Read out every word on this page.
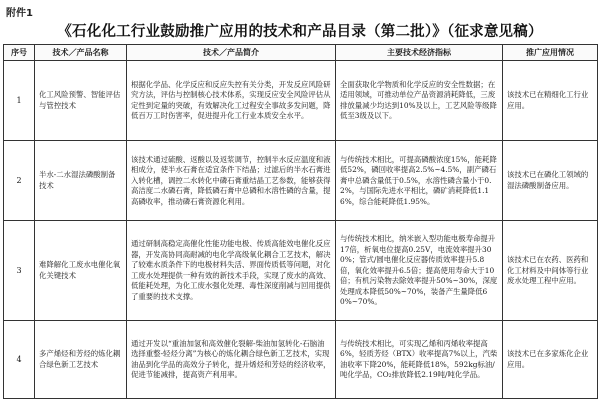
附件1
《石化化工行业鼓励推广应用的技术和产品目录（第二批）》（征求意见稿）
序号	技术／产品名称	技术／产品简介	主要技术经济指标	推广应用情况
1	化工风险预警、智能评估与管控技术	根据化学品、化学反应和反应失控有关分类，开发反应风险研究方法，评估与控制核心技术体系，实现反应安全风险评估从定性到定量的突破，有效解决化工过程安全事故多发问题，降低百万工时伤害率，促进提升化工行业本质安全水平。	全面获取化学物质和化学反应的安全性数据；在适用领域，可推动单位产品资源消耗降低，三废排放量减少均达到10%及以上，工艺风险等级降低至3级及以下。	该技术已在精细化工行业应用。
2	半水-二水湿法磷酸制备技术	该技术通过硫酸、返酸以及返浆调节，控制半水反应温度和液相成分，使半水石膏在适宜条件下结晶；过滤后的半水石膏进入转化槽，调控二水转化中磷石膏重结晶工艺参数，能够获得高洁度二水磷石膏，降低磷石膏中总磷和水溶性磷的含量，提高磷收率，推动磷石膏资源化利用。	与传统技术相比，可提高磷酸浓度15%，能耗降低52%，磷回收率提高2.5%~4.5%，副产磷石膏中总磷含量低于0.5%，水溶性磷含量小于0.2%，与国际先进水平相比，磷矿消耗降低1.16%，综合能耗降低1.95%。	该技术已在磷化工领域的湿法磷酸制备应用。
3	难降解化工废水电催化氧化关键技术	通过研制高稳定高催化性能功能电极、传质高能效电催化反应器，开发高协同高耐减的电化学高级氧化耦合工艺技术，解决了较难水质条件下的电极材料失活、界面传质低等问题，对化工废水处理提供一种有效的新技术手段，实现了废水的高效、低能耗处理，为化工废水强化处理、毒性深度削减与回用提供了重要的技术支撑。	与传统技术相比，纳米嵌入型功能电极寿命提升17倍，析氧电位提高0.25V，电流效率提升300%；管式/圆电催化反应器传质效率提升5.8倍，氧化效率提升6.5倍；提高使用寿命大于10倍；有机污染物去除效率提升50%~30%，深度处理成本降低50%~70%，装备产生量降低60%~70%。	该技术已在农药、医药和化工材料及中间体等行业废水处理工程中应用。
4	多产烯烃和芳烃的炼化耦合绿色新工艺技术	通过开发以“重油加氢和高效催化裂解-柴油加氢转化-石脑油选择重整-轻烃分离”为核心的炼化耦合绿色新工艺技术，实现油品到化学品的高效分子转化，提升烯烃和芳烃的经济收率，促进节能减排，提高资产利用率。	与传统技术相比，可实现乙烯和丙烯收率提高6%，轻质芳烃（BTX）收率提高7%以上，汽柴油收率下降20%，能耗降低18%，592kg标油/吨化学品，CO₂排放降低2.19吨/吨化学品。	该技术已在多家炼化企业应用。
